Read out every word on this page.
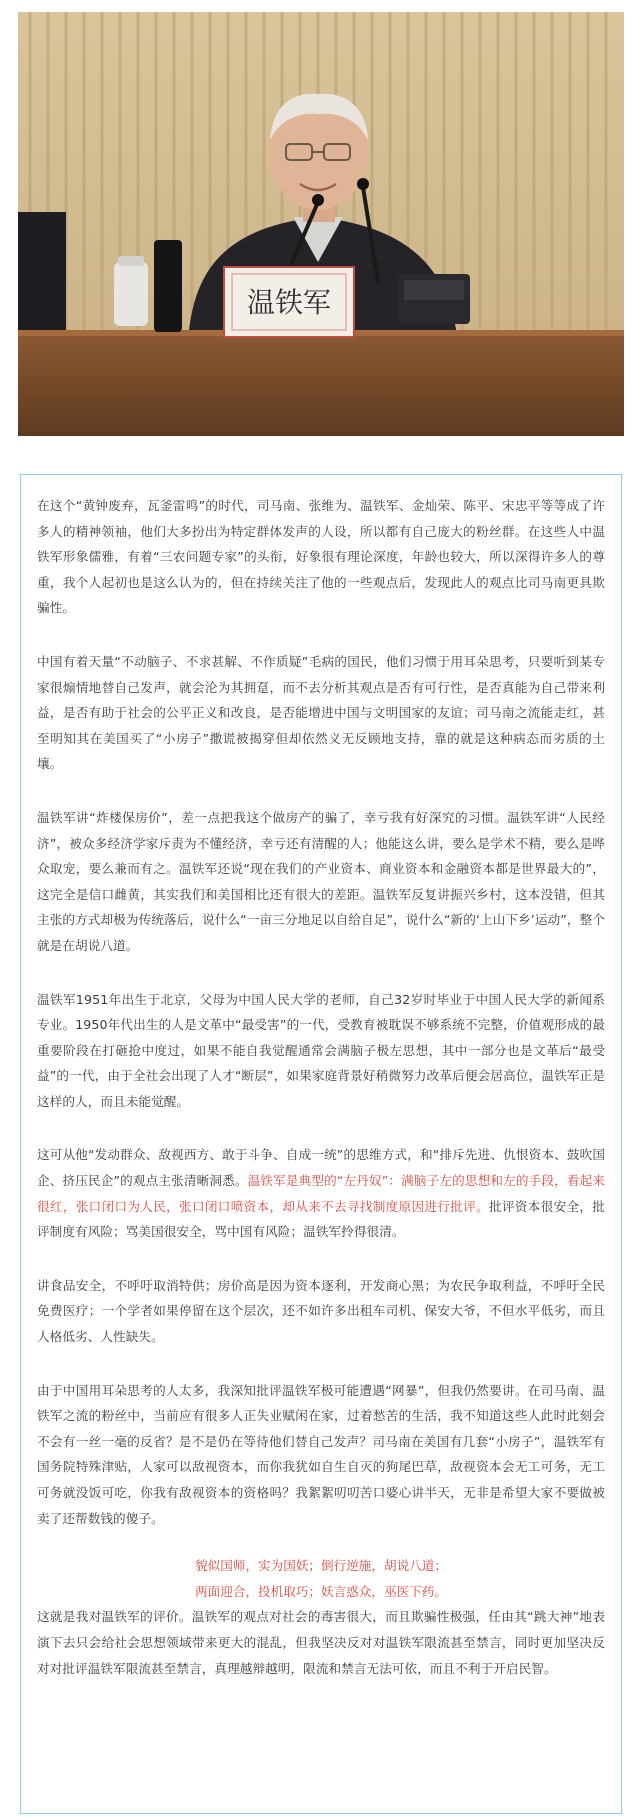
温铁军

在这个“黄钟废弃，瓦釜雷鸣”的时代，司马南、张维为、温铁军、金灿荣、陈平、宋忠平等等成了许多人的精神领袖，他们大多扮出为特定群体发声的人设，所以都有自己庞大的粉丝群。在这些人中温铁军形象儒雅，有着“三农问题专家”的头衔，好象很有理论深度，年龄也较大，所以深得许多人的尊重，我个人起初也是这么认为的，但在持续关注了他的一些观点后，发现此人的观点比司马南更具欺骗性。

中国有着天量“不动脑子、不求甚解、不作质疑”毛病的国民，他们习惯于用耳朵思考，只要听到某专家很煽情地替自己发声，就会沦为其拥趸，而不去分析其观点是否有可行性，是否真能为自己带来利益，是否有助于社会的公平正义和改良，是否能增进中国与文明国家的友谊；司马南之流能走红，甚至明知其在美国买了“小房子”撒谎被揭穿但却依然义无反顾地支持，靠的就是这种病态而劣质的土壤。

温铁军讲“炸楼保房价”，差一点把我这个做房产的骗了，幸亏我有好深究的习惯。温铁军讲“人民经济”，被众多经济学家斥责为不懂经济，幸亏还有清醒的人；他能这么讲，要么是学术不精，要么是哗众取宠，要么兼而有之。温铁军还说“现在我们的产业资本、商业资本和金融资本都是世界最大的”，这完全是信口雌黄，其实我们和美国相比还有很大的差距。温铁军反复讲振兴乡村，这本没错，但其主张的方式却极为传统落后，说什么“一亩三分地足以自给自足”，说什么“新的‘上山下乡’运动”，整个就是在胡说八道。

温铁军1951年出生于北京，父母为中国人民大学的老师，自己32岁时毕业于中国人民大学的新闻系专业。1950年代出生的人是文革中“最受害”的一代，受教育被耽误不够系统不完整，价值观形成的最重要阶段在打砸抢中度过，如果不能自我觉醒通常会满脑子极左思想，其中一部分也是文革后“最受益”的一代，由于全社会出现了人才“断层”，如果家庭背景好稍微努力改革后便会居高位，温铁军正是这样的人，而且未能觉醒。

这可从他“发动群众、敌视西方、敢于斗争、自成一统”的思维方式，和“排斥先进、仇恨资本、鼓吹国企、挤压民企”的观点主张清晰洞悉。温铁军是典型的“左丹奴”：满脑子左的思想和左的手段，看起来很红，张口闭口为人民，张口闭口喷资本，却从来不去寻找制度原因进行批评。批评资本很安全，批评制度有风险；骂美国很安全，骂中国有风险；温铁军拎得很清。

讲食品安全，不呼吁取消特供；房价高是因为资本逐利，开发商心黑；为农民争取利益，不呼吁全民免费医疗；一个学者如果停留在这个层次，还不如许多出租车司机、保安大爷，不但水平低劣，而且人格低劣、人性缺失。

由于中国用耳朵思考的人太多，我深知批评温铁军极可能遭遇“网暴”，但我仍然要讲。在司马南、温铁军之流的粉丝中，当前应有很多人正失业赋闲在家，过着愁苦的生活，我不知道这些人此时此刻会不会有一丝一毫的反省？是不是仍在等待他们替自己发声？司马南在美国有几套“小房子”，温铁军有国务院特殊津贴，人家可以敌视资本，而你我犹如自生自灭的狗尾巴草，敌视资本会无工可务，无工可务就没饭可吃，你我有敌视资本的资格吗？我絮絮叨叨苦口婆心讲半天，无非是希望大家不要做被卖了还帮数钱的傻子。

貌似国师，实为国妖；倒行逆施，胡说八道；
两面迎合，投机取巧；妖言惑众，巫医下药。

这就是我对温铁军的评价。温铁军的观点对社会的毒害很大，而且欺骗性极强，任由其“跳大神”地表演下去只会给社会思想领域带来更大的混乱，但我坚决反对对温铁军限流甚至禁言，同时更加坚决反对对批评温铁军限流甚至禁言，真理越辩越明，限流和禁言无法可依，而且不利于开启民智。
